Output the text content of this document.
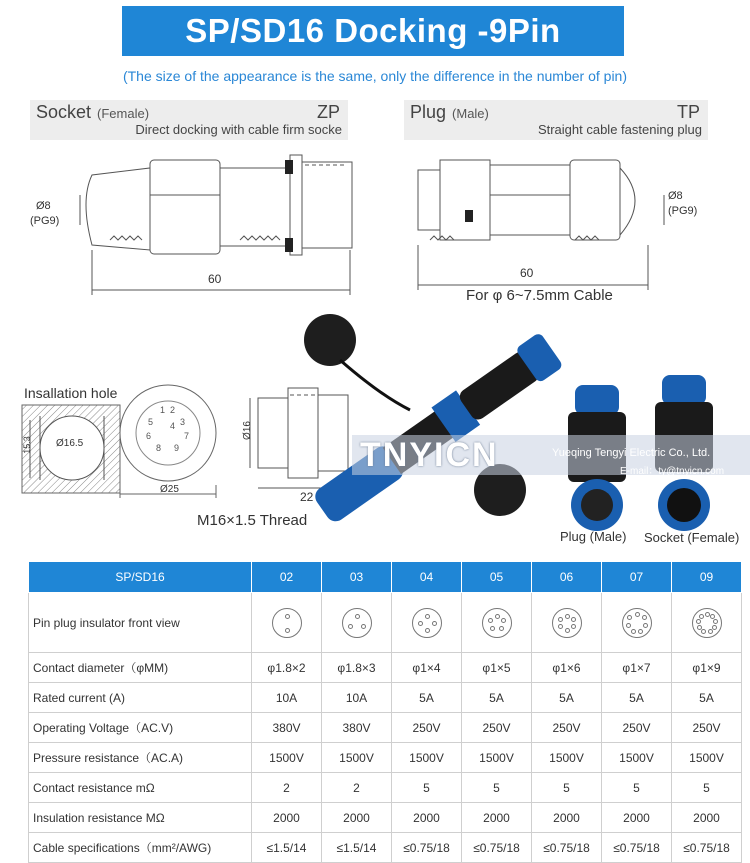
SP/SD16 Docking -9Pin
(The size of the appearance is the same, only the difference in the number of pin)
Socket (Female)	ZP
Direct docking with cable firm socke
Plug (Male)	TP
Straight cable fastening plug
Ø8
(PG9)
60
Ø8
(PG9)
60
For φ 6~7.5mm Cable
Insallation hole
Ø16.5
15.3
1 2
3
4
5
6	7
8 9
Ø25
Ø16
22
M16×1.5 Thread
TNYICN	Yueqing Tengyi Electric Co., Ltd.
E-mail：ty@tnyicn.com
Plug (Male) Socket (Female)
SP/SD16	02	03	04	05	06	07	09
Pin plug insulator front view	

Contact diameter（φMM)	φ1.8×2	φ1.8×3	φ1×4	φ1×5	φ1×6	φ1×7	φ1×9
Rated current (A)	10A	10A	5A	5A	5A	5A	5A
Operating Voltage（AC.V)	380V	380V	250V	250V	250V	250V	250V
Pressure resistance（AC.A)	1500V	1500V	1500V	1500V	1500V	1500V	1500V
Contact resistance mΩ	2	2	5	5	5	5	5
Insulation resistance MΩ	2000	2000	2000	2000	2000	2000	2000
Cable specifications（mm²/AWG)	≤1.5/14	≤1.5/14	≤0.75/18	≤0.75/18	≤0.75/18	≤0.75/18	≤0.75/18
